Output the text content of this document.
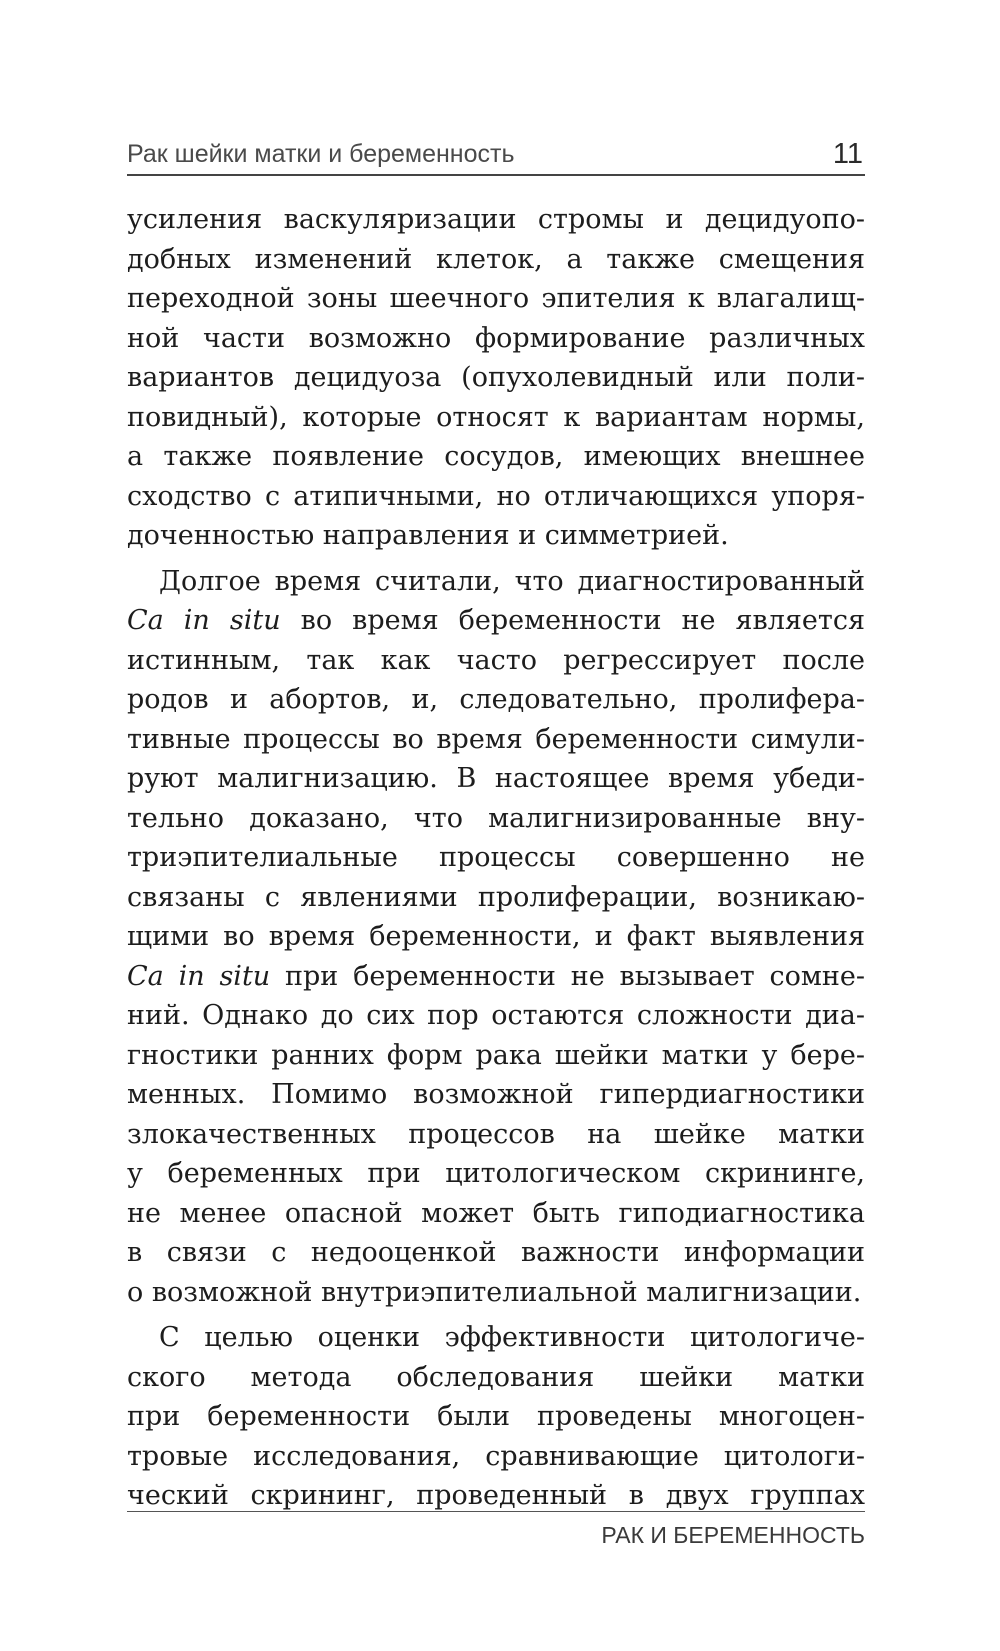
Рак шейки матки и беременность	11
усиления васкуляризации стромы и децидуопо-
добных изменений клеток, а также смещения
переходной зоны шеечного эпителия к влагалищ-
ной части возможно формирование различных
вариантов децидуоза (опухолевидный или поли-
повидный), которые относят к вариантам нормы,
а также появление сосудов, имеющих внешнее
сходство с атипичными, но отличающихся упоря-
доченностью направления и симметрией.
Долгое время считали, что диагностированный
Ca in situ во время беременности не является
истинным, так как часто регрессирует после
родов и абортов, и, следовательно, пролифера-
тивные процессы во время беременности симули-
руют малигнизацию. В настоящее время убеди-
тельно доказано, что малигнизированные вну-
триэпителиальные процессы совершенно не
связаны с явлениями пролиферации, возникаю-
щими во время беременности, и факт выявления
Ca in situ при беременности не вызывает сомне-
ний. Однако до сих пор остаются сложности диа-
гностики ранних форм рака шейки матки у бере-
менных. Помимо возможной гипердиагностики
злокачественных процессов на шейке матки
у беременных при цитологическом скрининге,
не менее опасной может быть гиподиагностика
в связи с недооценкой важности информации
о возможной внутриэпителиальной малигнизации.
С целью оценки эффективности цитологиче-
ского метода обследования шейки матки
при беременности были проведены многоцен-
тровые исследования, сравнивающие цитологи-
ческий скрининг, проведенный в двух группах
РАК И БЕРЕМЕННОСТЬ
